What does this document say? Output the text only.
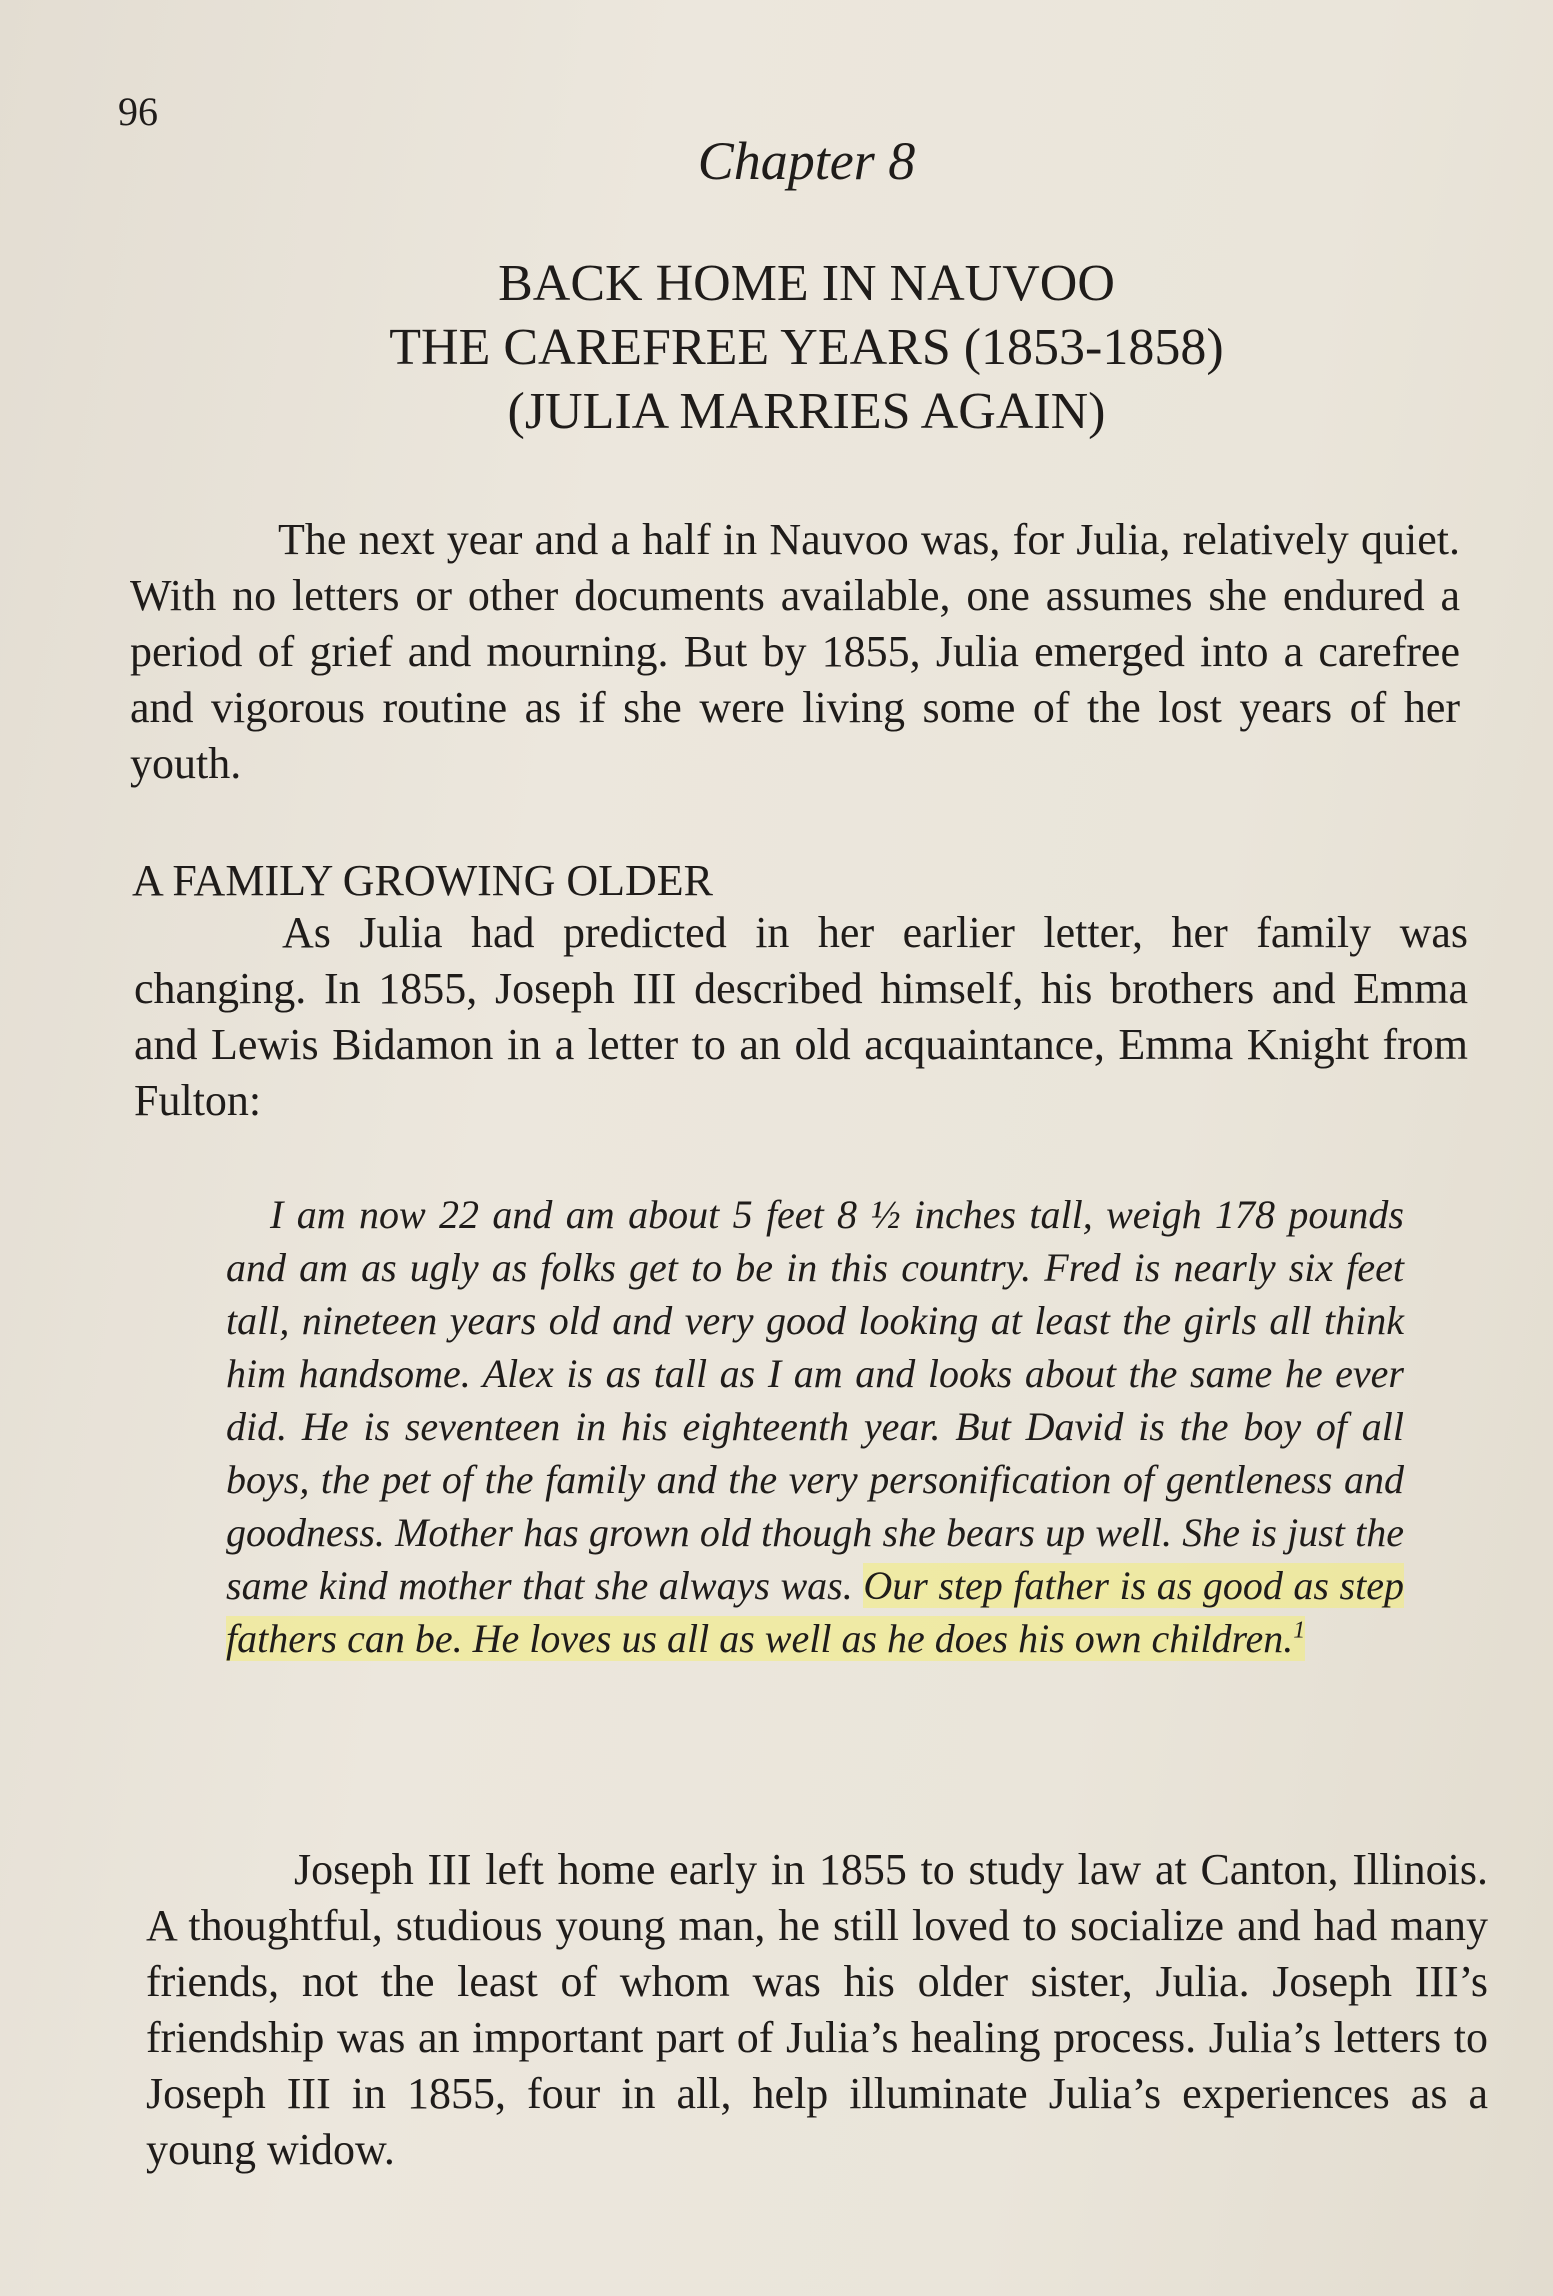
96
Chapter 8
BACK HOME IN NAUVOO
THE CAREFREE YEARS (1853-1858)
(JULIA MARRIES AGAIN)

The next year and a half in Nauvoo was, for Julia, relatively quiet. With no letters or other documents available, one assumes she endured a period of grief and mourning. But by 1855, Julia emerged into a carefree and vigorous routine as if she were living some of the lost years of her youth.

A FAMILY GROWING OLDER

As Julia had predicted in her earlier letter, her family was changing. In 1855, Joseph III described himself, his brothers and Emma and Lewis Bidamon in a letter to an old acquaintance, Emma Knight from Fulton:

I am now 22 and am about 5 feet 8 ½ inches tall, weigh 178 pounds and am as ugly as folks get to be in this country. Fred is nearly six feet tall, nineteen years old and very good looking at least the girls all think him handsome. Alex is as tall as I am and looks about the same he ever did. He is seventeen in his eighteenth year. But David is the boy of all boys, the pet of the family and the very personification of gentleness and goodness. Mother has grown old though she bears up well. She is just the same kind mother that she always was. Our step father is as good as step fathers can be. He loves us all as well as he does his own children.$^1$

Joseph III left home early in 1855 to study law at Canton, Illinois. A thoughtful, studious young man, he still loved to socialize and had many friends, not the least of whom was his older sister, Julia. Joseph III’s friendship was an important part of Julia’s healing process. Julia’s letters to Joseph III in 1855, four in all, help illuminate Julia’s experiences as a young widow.
